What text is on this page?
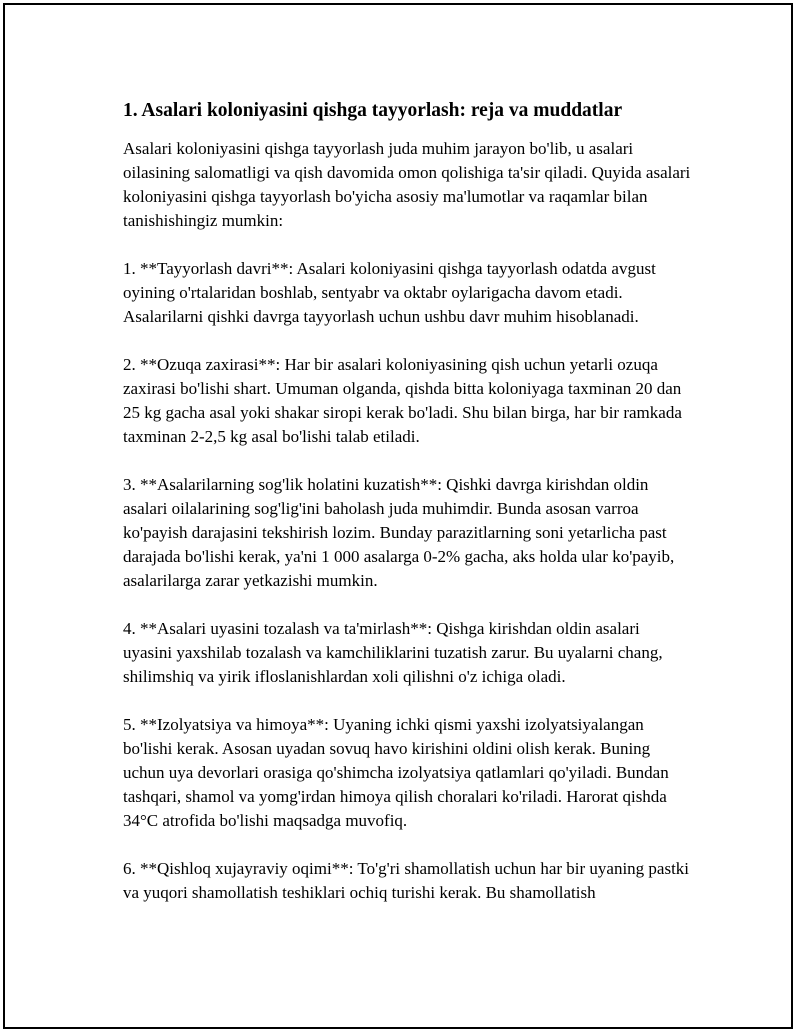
1. Asalari koloniyasini qishga tayyorlash: reja va muddatlar

Asalari koloniyasini qishga tayyorlash juda muhim jarayon bo'lib, u asalari oilasining salomatligi va qish davomida omon qolishiga ta'sir qiladi. Quyida asalari koloniyasini qishga tayyorlash bo'yicha asosiy ma'lumotlar va raqamlar bilan tanishishingiz mumkin:

1. **Tayyorlash davri**: Asalari koloniyasini qishga tayyorlash odatda avgust oyining o'rtalaridan boshlab, sentyabr va oktabr oylarigacha davom etadi. Asalarilarni qishki davrga tayyorlash uchun ushbu davr muhim hisoblanadi.

2. **Ozuqa zaxirasi**: Har bir asalari koloniyasining qish uchun yetarli ozuqa zaxirasi bo'lishi shart. Umuman olganda, qishda bitta koloniyaga taxminan 20 dan 25 kg gacha asal yoki shakar siropi kerak bo'ladi. Shu bilan birga, har bir ramkada taxminan 2-2,5 kg asal bo'lishi talab etiladi.

3. **Asalarilarning sog'lik holatini kuzatish**: Qishki davrga kirishdan oldin asalari oilalarining sog'lig'ini baholash juda muhimdir. Bunda asosan varroa ko'payish darajasini tekshirish lozim. Bunday parazitlarning soni yetarlicha past darajada bo'lishi kerak, ya'ni 1 000 asalarga 0-2% gacha, aks holda ular ko'payib, asalarilarga zarar yetkazishi mumkin.

4. **Asalari uyasini tozalash va ta'mirlash**: Qishga kirishdan oldin asalari uyasini yaxshilab tozalash va kamchiliklarini tuzatish zarur. Bu uyalarni chang, shilimshiq va yirik ifloslanishlardan xoli qilishni o'z ichiga oladi.

5. **Izolyatsiya va himoya**: Uyaning ichki qismi yaxshi izolyatsiyalangan bo'lishi kerak. Asosan uyadan sovuq havo kirishini oldini olish kerak. Buning uchun uya devorlari orasiga qo'shimcha izolyatsiya qatlamlari qo'yiladi. Bundan tashqari, shamol va yomg'irdan himoya qilish choralari ko'riladi. Harorat qishda 34°C atrofida bo'lishi maqsadga muvofiq.

6. **Qishloq xujayraviy oqimi**: To'g'ri shamollatish uchun har bir uyaning pastki va yuqori shamollatish teshiklari ochiq turishi kerak. Bu shamollatish
